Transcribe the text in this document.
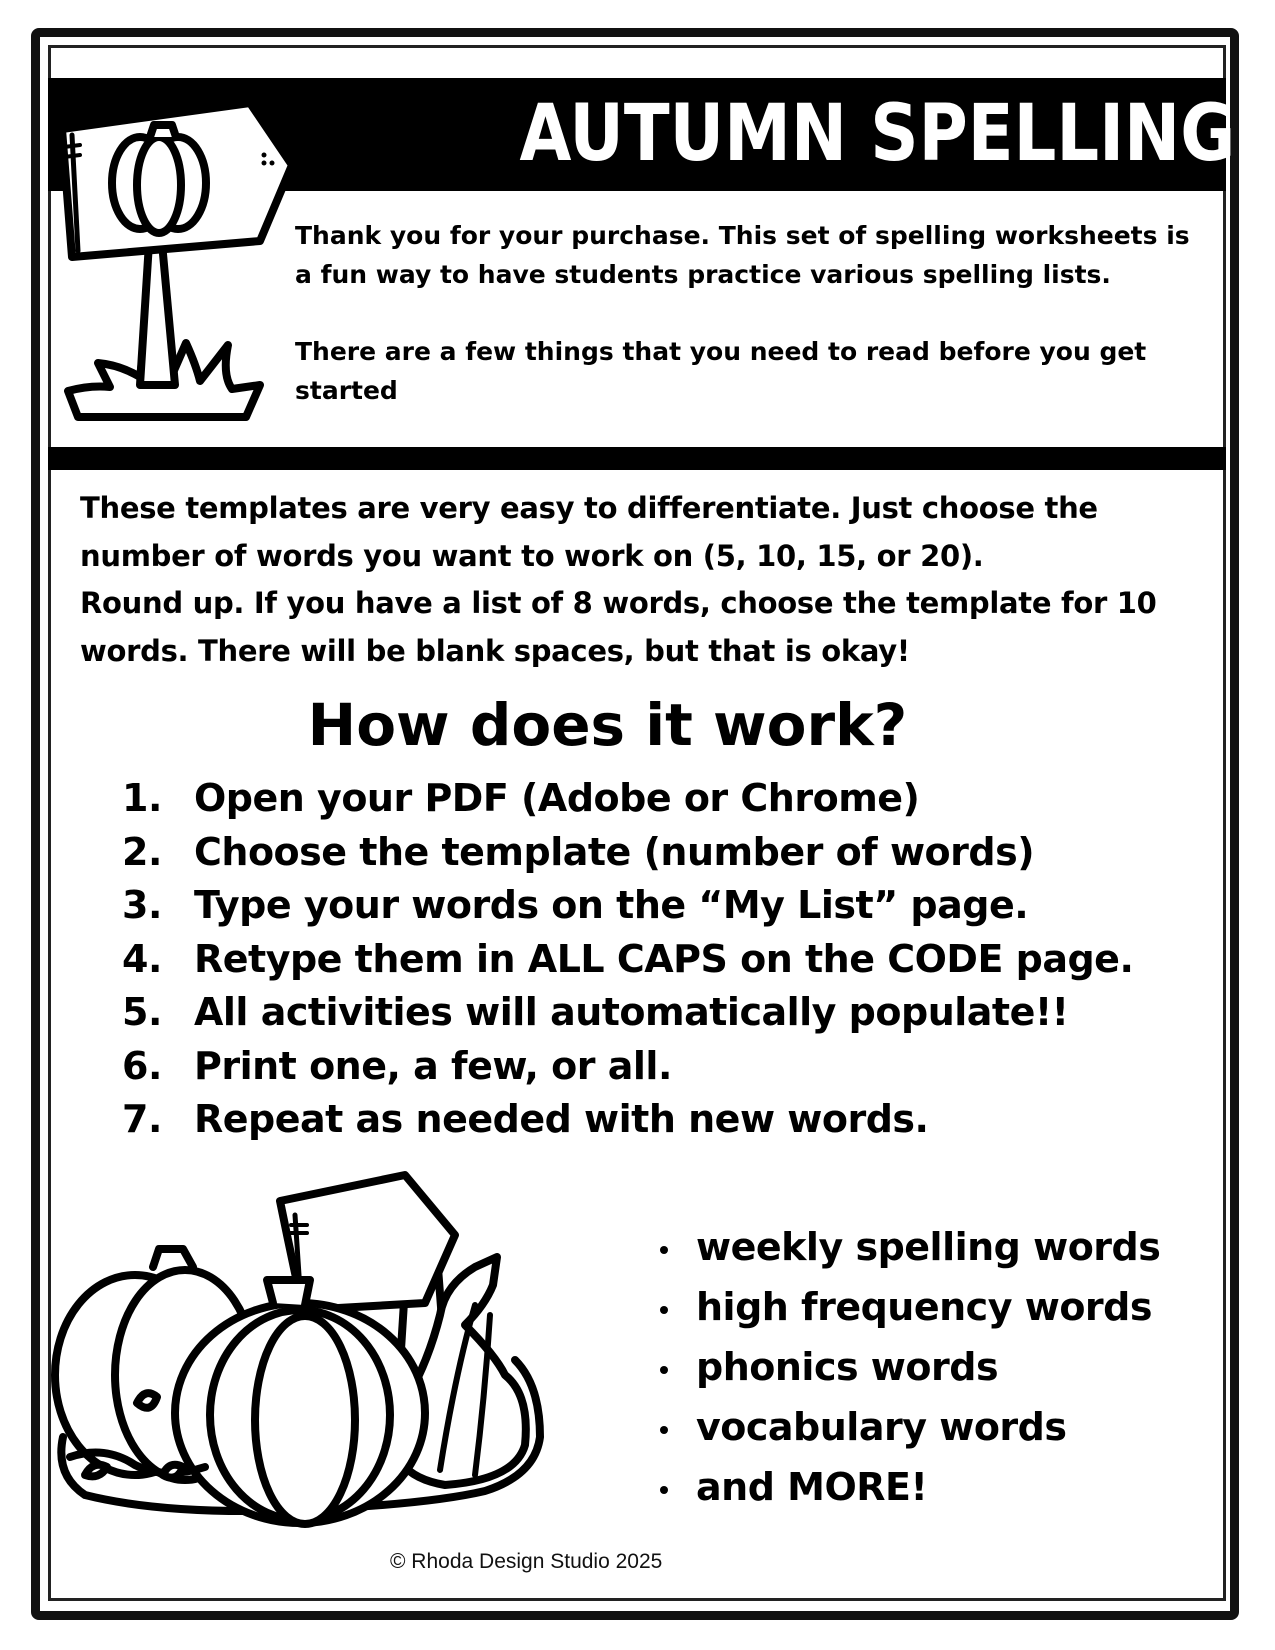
AUTUMN SPELLING

Thank you for your purchase. This set of spelling worksheets is a fun way to have students practice various spelling lists.

There are a few things that you need to read before you get started

These templates are very easy to differentiate. Just choose the
number of words you want to work on (5, 10, 15, or 20).
Round up. If you have a list of 8 words, choose the template for 10
words. There will be blank spaces, but that is okay!
How does it work?
1. Open your PDF (Adobe or Chrome)
2. Choose the template (number of words)
3. Type your words on the “My List” page.
4. Retype them in ALL CAPS on the CODE page.
5. All activities will automatically populate!!
6. Print one, a few, or all.
7. Repeat as needed with new words.
weekly spelling words
high frequency words
phonics words
vocabulary words
and MORE!
© Rhoda Design Studio 2025
